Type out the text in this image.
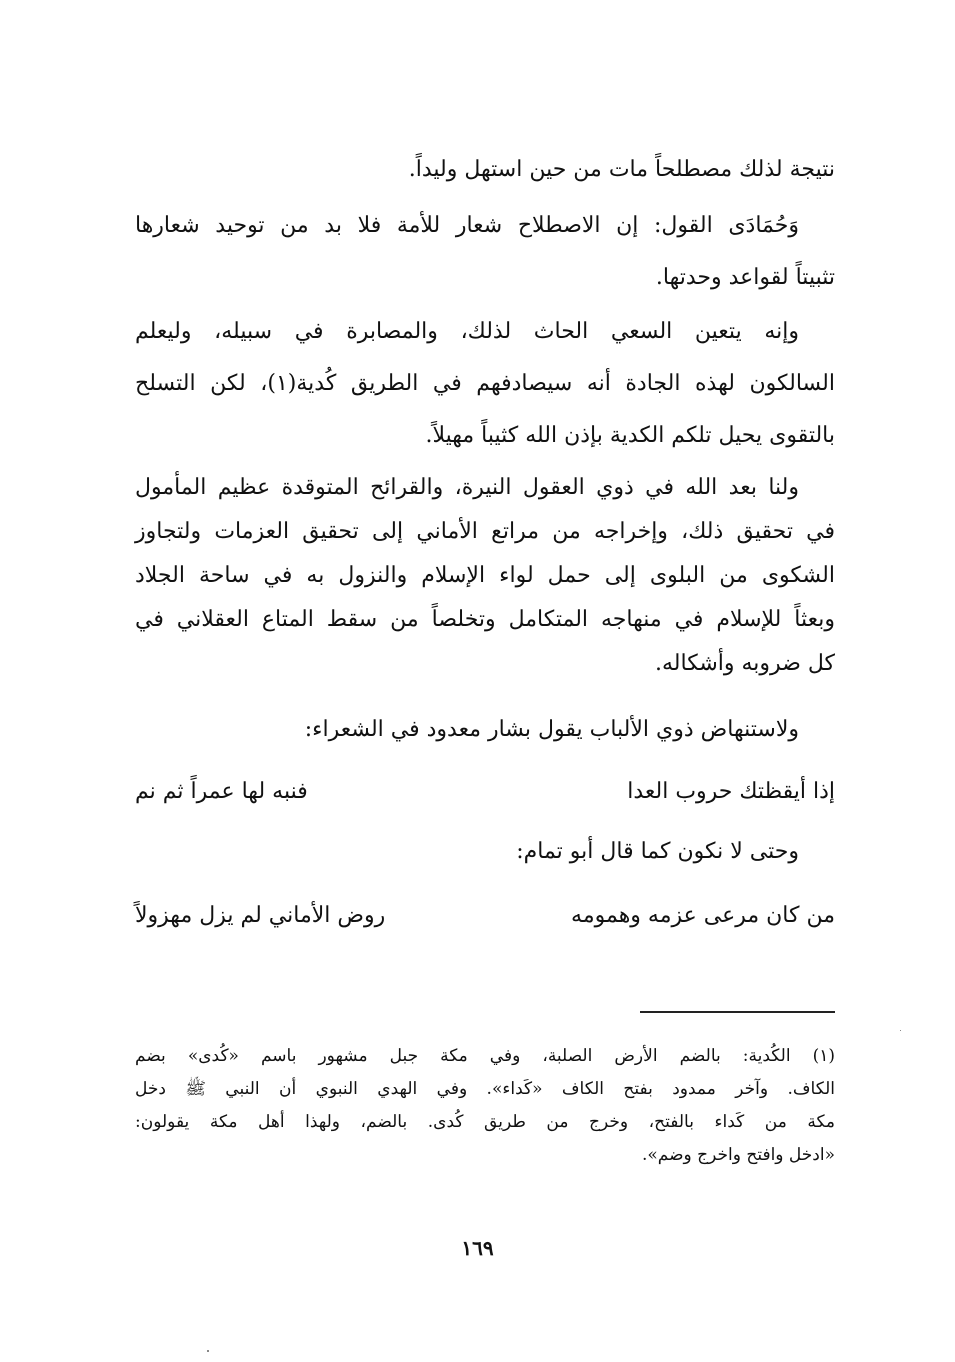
نتيجة لذلك مصطلحاً مات من حين استهل وليداً.
وَحُمَادَى القول: إن الاصطلاح شعار للأمة فلا بد من توحيد شعارها
تثبيتاً لقواعد وحدتها.
وإنه يتعين السعي الحاث لذلك، والمصابرة في سبيله، وليعلم
السالكون لهذه الجادة أنه سيصادفهم في الطريق كُدية(١)، لكن التسلح
بالتقوى يحيل تلكم الكدية بإذن الله كثيباً مهيلاً.
ولنا بعد الله في ذوي العقول النيرة، والقرائح المتوقدة عظيم المأمول
في تحقيق ذلك، وإخراجه من مراتع الأماني إلى تحقيق العزمات ولتجاوز
الشكوى من البلوى إلى حمل لواء الإسلام والنزول به في ساحة الجلاد
وبعثاً للإسلام في منهاجه المتكامل وتخلصاً من سقط المتاع العقلاني في
كل ضروبه وأشكاله.
ولاستنهاض ذوي الألباب يقول بشار معدود في الشعراء:
إذا أيقظتك حروب العدا
فنبه لها عمراً ثم نم
وحتى لا نكون كما قال أبو تمام:
من كان مرعى عزمه وهمومه
روض الأماني لم يزل مهزولاً
(١) الكُدية: بالضم الأرض الصلبة، وفي مكة جبل مشهور باسم «كُدى» بضم
الكاف. وآخر ممدود بفتح الكاف «كَداء». وفي الهدي النبوي أن النبي ﷺ دخل
مكة من كَداء بالفتح، وخرج من طريق كُدى. بالضم، ولهذا أهل مكة يقولون:
«ادخل وافتح واخرج وضم».
١٦٩
